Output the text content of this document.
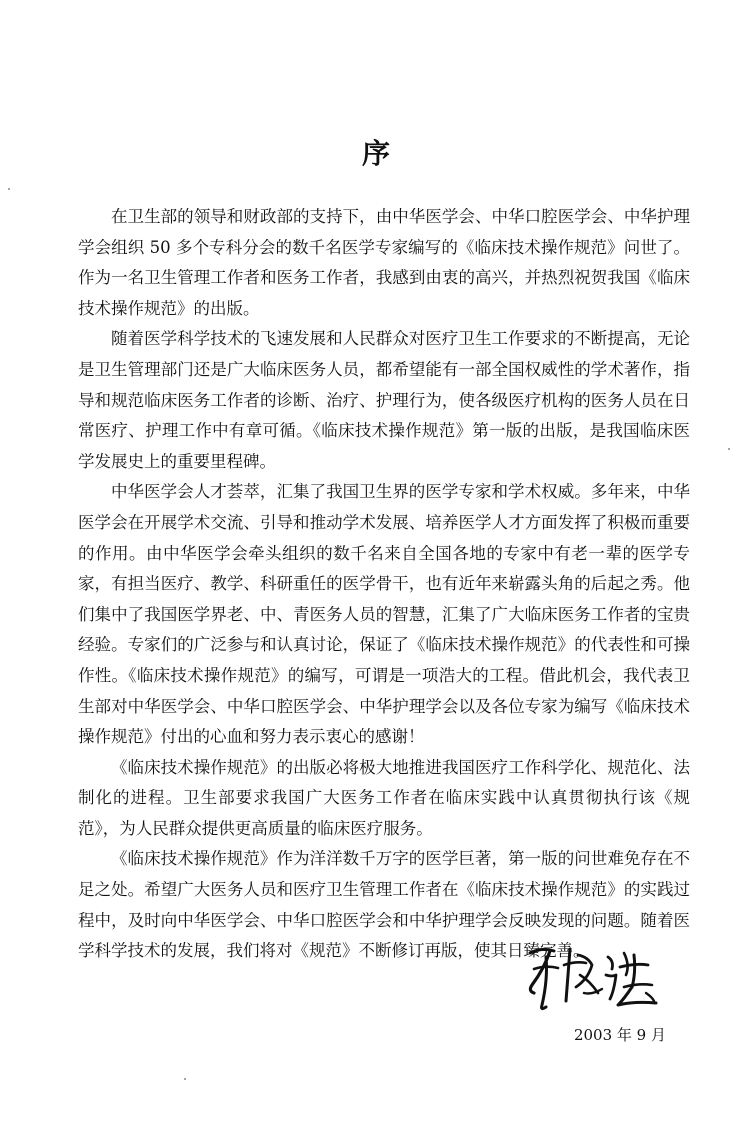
序

在卫生部的领导和财政部的支持下，由中华医学会、中华口腔医学会、中华护理学会组织 50 多个专科分会的数千名医学专家编写的《临床技术操作规范》问世了。作为一名卫生管理工作者和医务工作者，我感到由衷的高兴，并热烈祝贺我国《临床技术操作规范》的出版。

随着医学科学技术的飞速发展和人民群众对医疗卫生工作要求的不断提高，无论是卫生管理部门还是广大临床医务人员，都希望能有一部全国权威性的学术著作，指导和规范临床医务工作者的诊断、治疗、护理行为，使各级医疗机构的医务人员在日常医疗、护理工作中有章可循。《临床技术操作规范》第一版的出版，是我国临床医学发展史上的重要里程碑。

中华医学会人才荟萃，汇集了我国卫生界的医学专家和学术权威。多年来，中华医学会在开展学术交流、引导和推动学术发展、培养医学人才方面发挥了积极而重要的作用。由中华医学会牵头组织的数千名来自全国各地的专家中有老一辈的医学专家，有担当医疗、教学、科研重任的医学骨干，也有近年来崭露头角的后起之秀。他们集中了我国医学界老、中、青医务人员的智慧，汇集了广大临床医务工作者的宝贵经验。专家们的广泛参与和认真讨论，保证了《临床技术操作规范》的代表性和可操作性。《临床技术操作规范》的编写，可谓是一项浩大的工程。借此机会，我代表卫生部对中华医学会、中华口腔医学会、中华护理学会以及各位专家为编写《临床技术操作规范》付出的心血和努力表示衷心的感谢！

《临床技术操作规范》的出版必将极大地推进我国医疗工作科学化、规范化、法制化的进程。卫生部要求我国广大医务工作者在临床实践中认真贯彻执行该《规范》，为人民群众提供更高质量的临床医疗服务。

《临床技术操作规范》作为洋洋数千万字的医学巨著，第一版的问世难免存在不足之处。希望广大医务人员和医疗卫生管理工作者在《临床技术操作规范》的实践过程中，及时向中华医学会、中华口腔医学会和中华护理学会反映发现的问题。随着医学科学技术的发展，我们将对《规范》不断修订再版，使其日臻完善。

2003 年 9 月
